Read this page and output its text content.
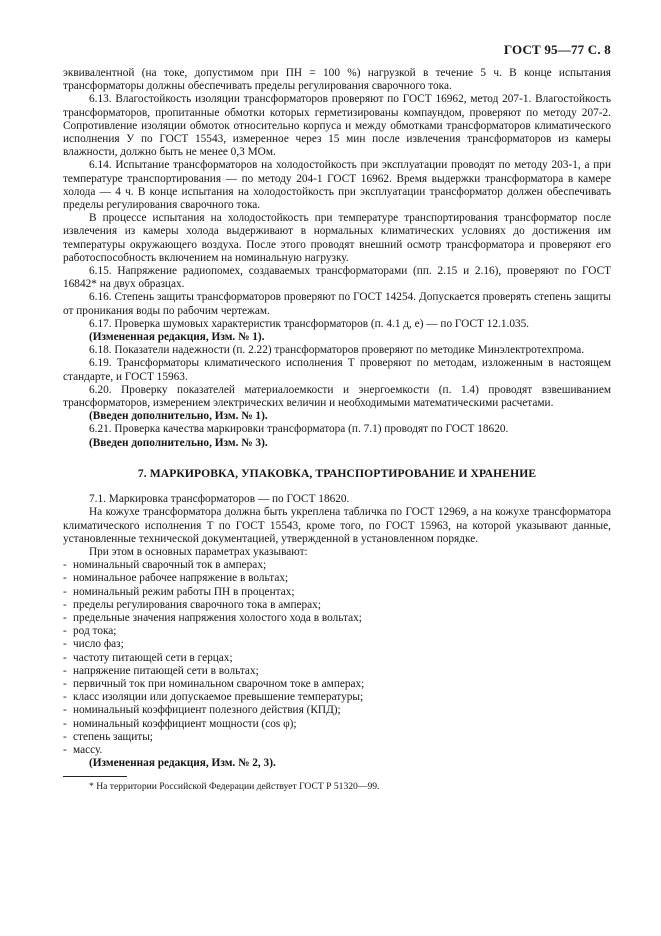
ГОСТ 95—77 С. 8

эквивалентной (на токе, допустимом при ПН = 100 %) нагрузкой в течение 5 ч. В конце испытания трансформаторы должны обеспечивать пределы регулирования сварочного тока.

6.13. Влагостойкость изоляции трансформаторов проверяют по ГОСТ 16962, метод 207-1. Влагостойкость трансформаторов, пропитанные обмотки которых герметизированы компаундом, проверяют по методу 207-2. Сопротивление изоляции обмоток относительно корпуса и между обмотками трансформаторов климатического исполнения У по ГОСТ 15543, измеренное через 15 мин после извлечения трансформаторов из камеры влажности, должно быть не менее 0,3 МОм.

6.14. Испытание трансформаторов на холодостойкость при эксплуатации проводят по методу 203-1, а при температуре транспортирования — по методу 204-1 ГОСТ 16962. Время выдержки трансформатора в камере холода — 4 ч. В конце испытания на холодостойкость при эксплуатации трансформатор должен обеспечивать пределы регулирования сварочного тока.

В процессе испытания на холодостойкость при температуре транспортирования трансформатор после извлечения из камеры холода выдерживают в нормальных климатических условиях до достижения им температуры окружающего воздуха. После этого проводят внешний осмотр трансформатора и проверяют его работоспособность включением на номинальную нагрузку.

6.15. Напряжение радиопомех, создаваемых трансформаторами (пп. 2.15 и 2.16), проверяют по ГОСТ 16842* на двух образцах.

6.16. Степень защиты трансформаторов проверяют по ГОСТ 14254. Допускается проверять степень защиты от проникания воды по рабочим чертежам.

6.17. Проверка шумовых характеристик трансформаторов (п. 4.1 д, е) — по ГОСТ 12.1.035.

(Измененная редакция, Изм. № 1).

6.18. Показатели надежности (п. 2.22) трансформаторов проверяют по методике Минэлектротехпрома.

6.19. Трансформаторы климатического исполнения Т проверяют по методам, изложенным в настоящем стандарте, и ГОСТ 15963.

6.20. Проверку показателей материалоемкости и энергоемкости (п. 1.4) проводят взвешиванием трансформаторов, измерением электрических величин и необходимыми математическими расчетами.

(Введен дополнительно, Изм. № 1).

6.21. Проверка качества маркировки трансформатора (п. 7.1) проводят по ГОСТ 18620.

(Введен дополнительно, Изм. № 3).

7. МАРКИРОВКА, УПАКОВКА, ТРАНСПОРТИРОВАНИЕ И ХРАНЕНИЕ

7.1. Маркировка трансформаторов — по ГОСТ 18620.

На кожухе трансформатора должна быть укреплена табличка по ГОСТ 12969, а на кожухе трансформатора климатического исполнения Т по ГОСТ 15543, кроме того, по ГОСТ 15963, на которой указывают данные, установленные технической документацией, утвержденной в установленном порядке.

При этом в основных параметрах указывают:

- номинальный сварочный ток в амперах;
- номинальное рабочее напряжение в вольтах;
- номинальный режим работы ПН в процентах;
- пределы регулирования сварочного тока в амперах;
- предельные значения напряжения холостого хода в вольтах;
- род тока;
- число фаз;
- частоту питающей сети в герцах;
- напряжение питающей сети в вольтах;
- первичный ток при номинальном сварочном токе в амперах;
- класс изоляции или допускаемое превышение температуры;
- номинальный коэффициент полезного действия (КПД);
- номинальный коэффициент мощности (cos φ);
- степень защиты;
- массу.

(Измененная редакция, Изм. № 2, 3).

* На территории Российской Федерации действует ГОСТ Р 51320—99.
